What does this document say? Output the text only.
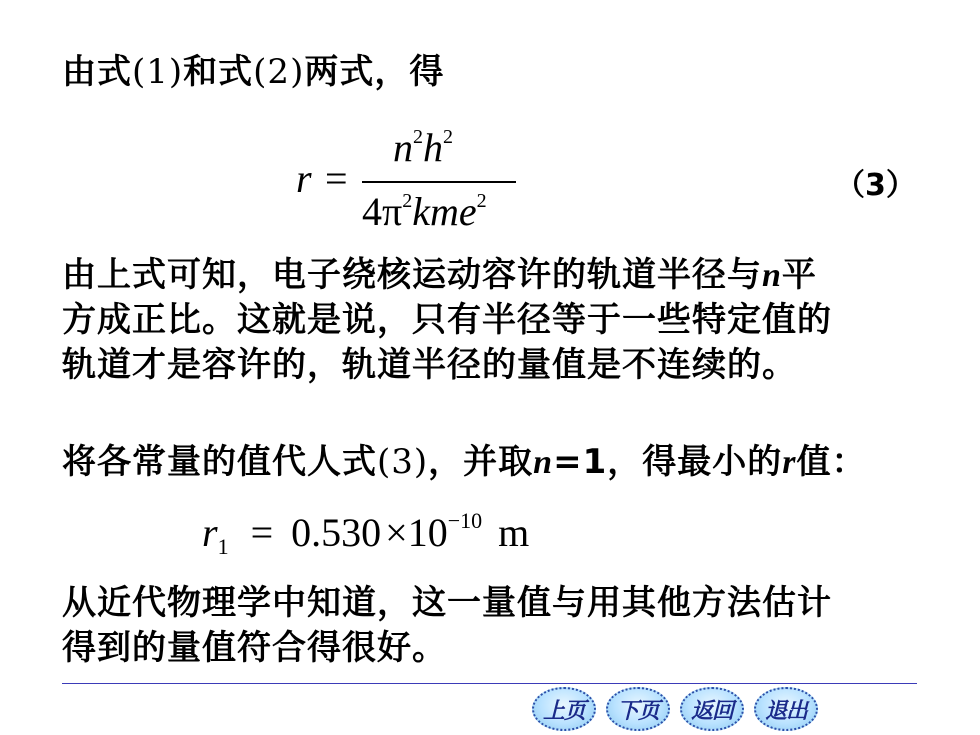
由式(1)和式(2)两式，得
r =
$n^2h^2$
$4\pi^2kme^2$	（3）
由上式可知，电子绕核运动容许的轨道半径与n平
方成正比。这就是说，只有半径等于一些特定值的
轨道才是容许的，轨道半径的量值是不连续的。
将各常量的值代人式(3)，并取n=1，得最小的r值：
$r_1 = 0.530 \times 10^{-10}$ m
从近代物理学中知道，这一量值与用其他方法估计
得到的量值符合得很好。
上页	下页	返回	退出
